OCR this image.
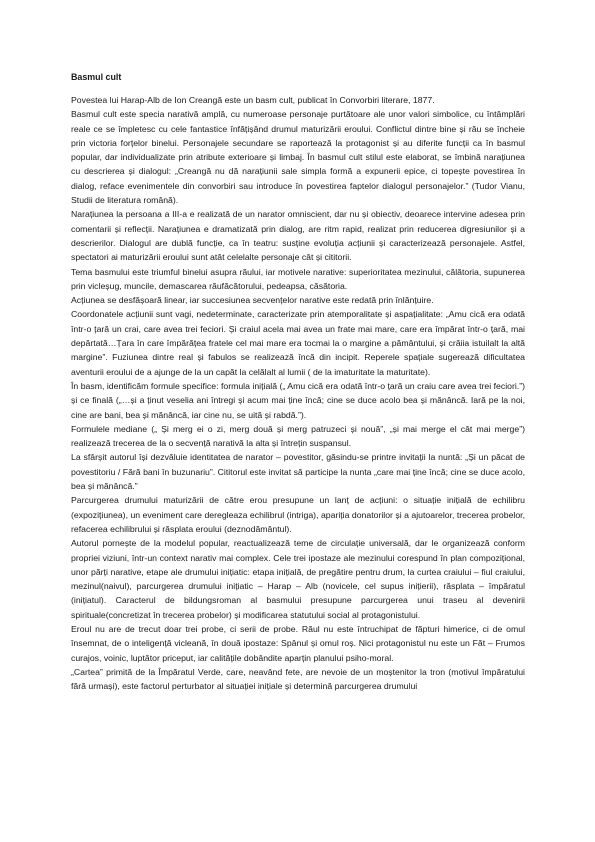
Basmul cult

Povestea lui Harap-Alb de Ion Creangă este un basm cult, publicat în Convorbiri literare, 1877.

Basmul cult este specia narativă amplă, cu numeroase personaje purtătoare ale unor valori simbolice, cu întâmplări reale ce se împletesc cu cele fantastice înfățișând drumul maturizării eroului. Conflictul dintre bine și rău se încheie prin victoria forțelor binelui. Personajele secundare se raportează la protagonist și au diferite funcții ca în basmul popular, dar individualizate prin atribute exterioare și limbaj. În basmul cult stilul este elaborat, se îmbină narațiunea cu descrierea și dialogul: „Creangă nu dă narațiunii sale simpla formă a expunerii epice, ci topește povestirea în dialog, reface evenimentele din convorbiri sau introduce în povestirea faptelor dialogul personajelor.” (Tudor Vianu, Studii de literatura română).

Narațiunea la persoana a III-a e realizată de un narator omniscient, dar nu și obiectiv, deoarece intervine adesea prin comentarii și reflecții. Narațiunea e dramatizată prin dialog, are ritm rapid, realizat prin reducerea digresiunilor și a descrierilor. Dialogul are dublă funcție, ca în teatru: susține evoluția acțiunii și caracterizează personajele. Astfel, spectatori ai maturizării eroului sunt atât celelalte personaje cât și cititorii.

Tema basmului este triumful binelui asupra răului, iar motivele narative: superioritatea mezinului, călătoria, supunerea prin vicleșug, muncile, demascarea răufăcătorului, pedeapsa, căsătoria.

Acțiunea se desfășoară linear, iar succesiunea secvențelor narative este redată prin înlănțuire.

Coordonatele acțiunii sunt vagi, nedeterminate, caracterizate prin atemporalitate și aspațialitate: „Amu cică era odată într-o țară un crai, care avea trei feciori. Și craiul acela mai avea un frate mai mare, care era împărat într-o țară, mai depărtată…Țara în care împărățea fratele cel mai mare era tocmai la o margine a pământului, și crăiia istuilalt la altă margine”. Fuziunea dintre real și fabulos se realizează încă din incipit. Reperele spațiale sugerează dificultatea aventurii eroului de a ajunge de la un capăt la celălalt al lumii ( de la imaturitate la maturitate).

În basm, identificăm formule specifice: formula inițială („ Amu cică era odată într-o țară un craiu care avea trei feciori.”) și ce finală („…și a ținut veselia ani întregi și acum mai ține încă; cine se duce acolo bea și mănâncă. Iară pe la noi, cine are bani, bea și mănâncă, iar cine nu, se uită și rabdă.”).

Formulele mediane („ Și merg ei o zi, merg două și merg patruzeci și nouă”, „și mai merge el cât mai merge”) realizează trecerea de la o secvență narativă la alta și întrețin suspansul.

La sfârșit autorul își dezvăluie identitatea de narator – povestitor, găsindu-se printre invitații la nuntă: „Și un păcat de povestitoriu / Fără bani în buzunariu”. Cititorul este invitat să participe la nunta „care mai ține încă; cine se duce acolo, bea și mănâncă.”

Parcurgerea drumului maturizării de către erou presupune un lanț de acțiuni: o situație inițială de echilibru (expozițiunea), un eveniment care deregleaza echilibrul (intriga), apariția donatorilor și a ajutoarelor, trecerea probelor, refacerea echilibrului și răsplata eroului (deznodământul).

Autorul pornește de la modelul popular, reactualizează teme de circulație universală, dar le organizează conform propriei viziuni, într-un context narativ mai complex. Cele trei ipostaze ale mezinului corespund în plan compozițional, unor părți narative, etape ale drumului inițiatic: etapa inițială, de pregătire pentru drum, la curtea craiului – fiul craiului, mezinul(naivul), parcurgerea drumului inițiatic – Harap – Alb (novicele, cel supus inițierii), răsplata – împăratul (inițiatul). Caracterul de bildungsroman al basmului presupune parcurgerea unui traseu al devenirii spirituale(concretizat în trecerea probelor) și modificarea statutului social al protagonistului.

Eroul nu are de trecut doar trei probe, ci serii de probe. Răul nu este întruchipat de fãpturi himerice, ci de omul însemnat, de o inteligență vicleană, în două ipostaze: Spânul și omul roș. Nici protagonistul nu este un Făt – Frumos curajos, voinic, luptător priceput, iar calitățile dobândite aparțin planului psiho-moral.

„Cartea” primită de la Împăratul Verde, care, neavând fete, are nevoie de un moștenitor la tron (motivul împăratului fără urmași), este factorul perturbator al situației inițiale și determină parcurgerea drumului
